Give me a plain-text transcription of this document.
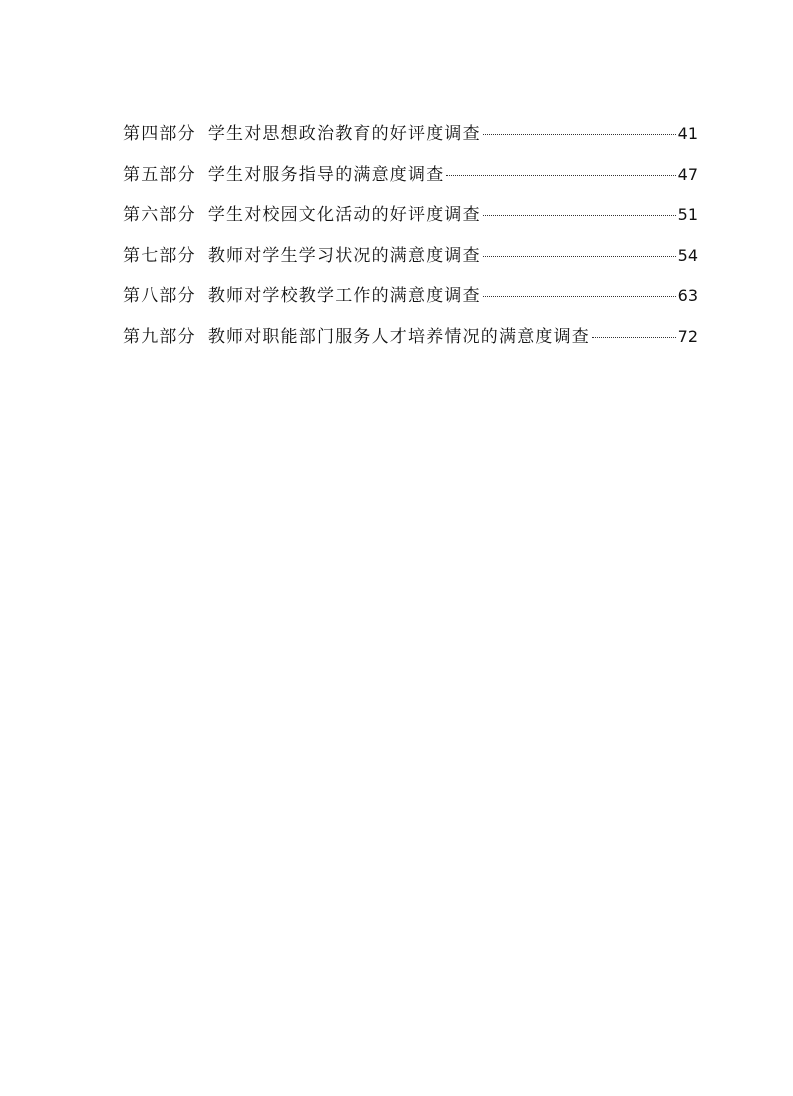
第四部分 学生对思想政治教育的好评度调查	41
第五部分 学生对服务指导的满意度调查	47
第六部分 学生对校园文化活动的好评度调查	51
第七部分 教师对学生学习状况的满意度调查	54
第八部分 教师对学校教学工作的满意度调查	63
第九部分 教师对职能部门服务人才培养情况的满意度调查	72
